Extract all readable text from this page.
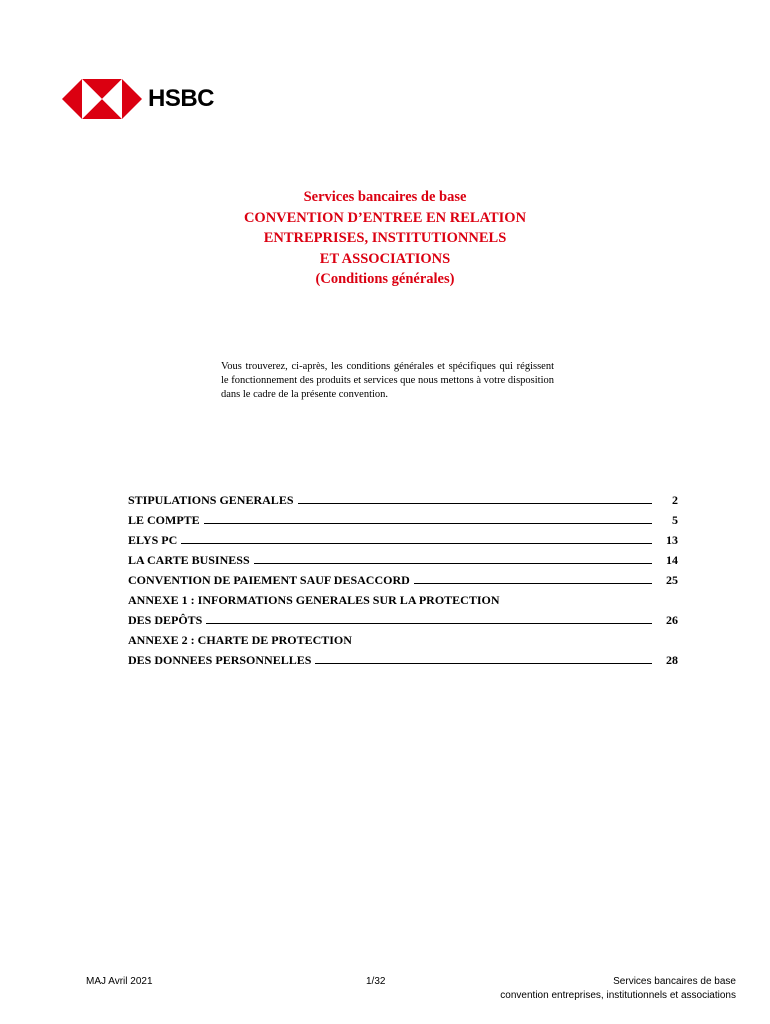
HSBC
Services bancaires de base
CONVENTION D’ENTREE EN RELATION
ENTREPRISES, INSTITUTIONNELS
ET ASSOCIATIONS
(Conditions générales)

Vous trouverez, ci-après, les conditions générales et spécifiques qui régissent le fonctionnement des produits et services que nous mettons à votre disposition dans le cadre de la présente convention.

STIPULATIONS GENERALES	2
LE COMPTE	5
ELYS PC	13
LA CARTE BUSINESS	14
CONVENTION DE PAIEMENT SAUF DESACCORD	25
ANNEXE 1 : INFORMATIONS GENERALES SUR LA PROTECTION
DES DEPÔTS	26
ANNEXE 2 : CHARTE DE PROTECTION
DES DONNEES PERSONNELLES	28
MAJ Avril 2021	1/32	Services bancaires de base
convention entreprises, institutionnels et associations
